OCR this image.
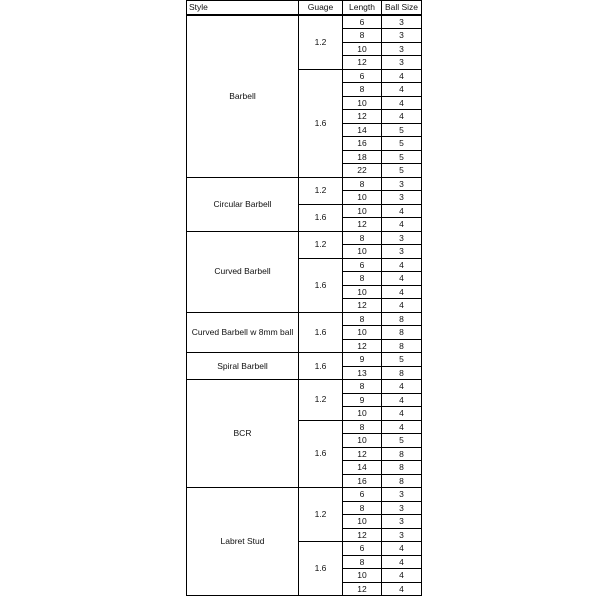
Style	Guage	Length	Ball Size
Barbell	1.2	6	3
		8	3
		10	3
		12	3
	1.6	6	4
		8	4
		10	4
		12	4
		14	5
		16	5
		18	5
		22	5
Circular Barbell	1.2	8	3
		10	3
	1.6	10	4
		12	4
Curved Barbell	1.2	8	3
		10	3
	1.6	6	4
		8	4
		10	4
		12	4
Curved Barbell w 8mm ball	1.6	8	8
		10	8
		12	8
Spiral Barbell	1.6	9	5
		13	8
BCR	1.2	8	4
		9	4
		10	4
	1.6	8	4
		10	5
		12	8
		14	8
		16	8
Labret Stud	1.2	6	3
		8	3
		10	3
		12	3
	1.6	6	4
		8	4
		10	4
		12	4
